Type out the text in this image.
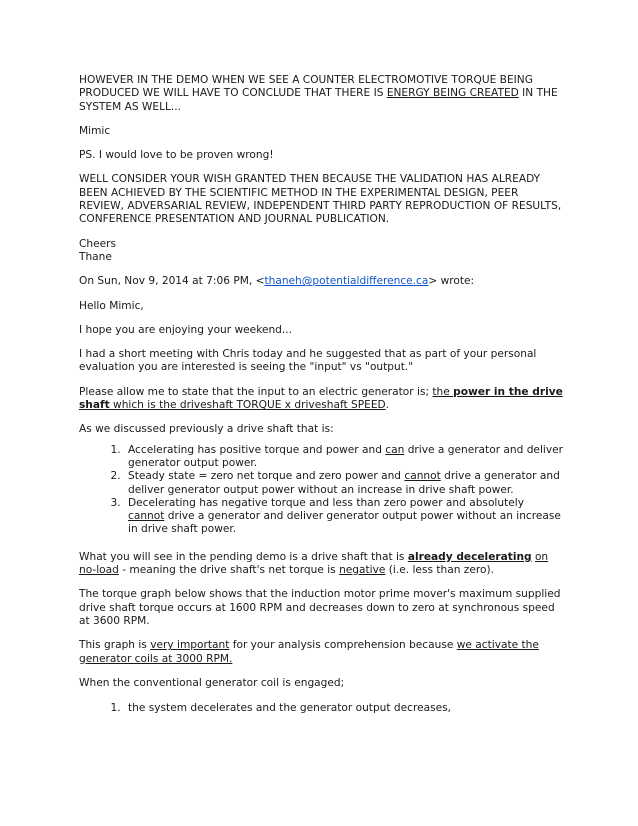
HOWEVER IN THE DEMO WHEN WE SEE A COUNTER ELECTROMOTIVE TORQUE BEING PRODUCED WE WILL HAVE TO CONCLUDE THAT THERE IS ENERGY BEING CREATED IN THE SYSTEM AS WELL...

Mimic

PS. I would love to be proven wrong!

WELL CONSIDER YOUR WISH GRANTED THEN BECAUSE THE VALIDATION HAS ALREADY BEEN ACHIEVED BY THE SCIENTIFIC METHOD IN THE EXPERIMENTAL DESIGN, PEER REVIEW, ADVERSARIAL REVIEW, INDEPENDENT THIRD PARTY REPRODUCTION OF RESULTS, CONFERENCE PRESENTATION AND JOURNAL PUBLICATION.

Cheers
Thane

On Sun, Nov 9, 2014 at 7:06 PM, <thaneh@potentialdifference.ca> wrote:

Hello Mimic,

I hope you are enjoying your weekend...

I had a short meeting with Chris today and he suggested that as part of your personal evaluation you are interested is seeing the "input" vs "output."

Please allow me to state that the input to an electric generator is; the power in the drive shaft which is the driveshaft TORQUE x driveshaft SPEED.

As we discussed previously a drive shaft that is:

1. Accelerating has positive torque and power and can drive a generator and deliver generator output power.
2. Steady state = zero net torque and zero power and cannot drive a generator and deliver generator output power without an increase in drive shaft power.
3. Decelerating has negative torque and less than zero power and absolutely cannot drive a generator and deliver generator output power without an increase in drive shaft power.

What you will see in the pending demo is a drive shaft that is already decelerating on no-load - meaning the drive shaft's net torque is negative (i.e. less than zero).

The torque graph below shows that the induction motor prime mover's maximum supplied drive shaft torque occurs at 1600 RPM and decreases down to zero at synchronous speed at 3600 RPM.

This graph is very important for your analysis comprehension because we activate the generator coils at 3000 RPM.

When the conventional generator coil is engaged;

1. the system decelerates and the generator output decreases,
